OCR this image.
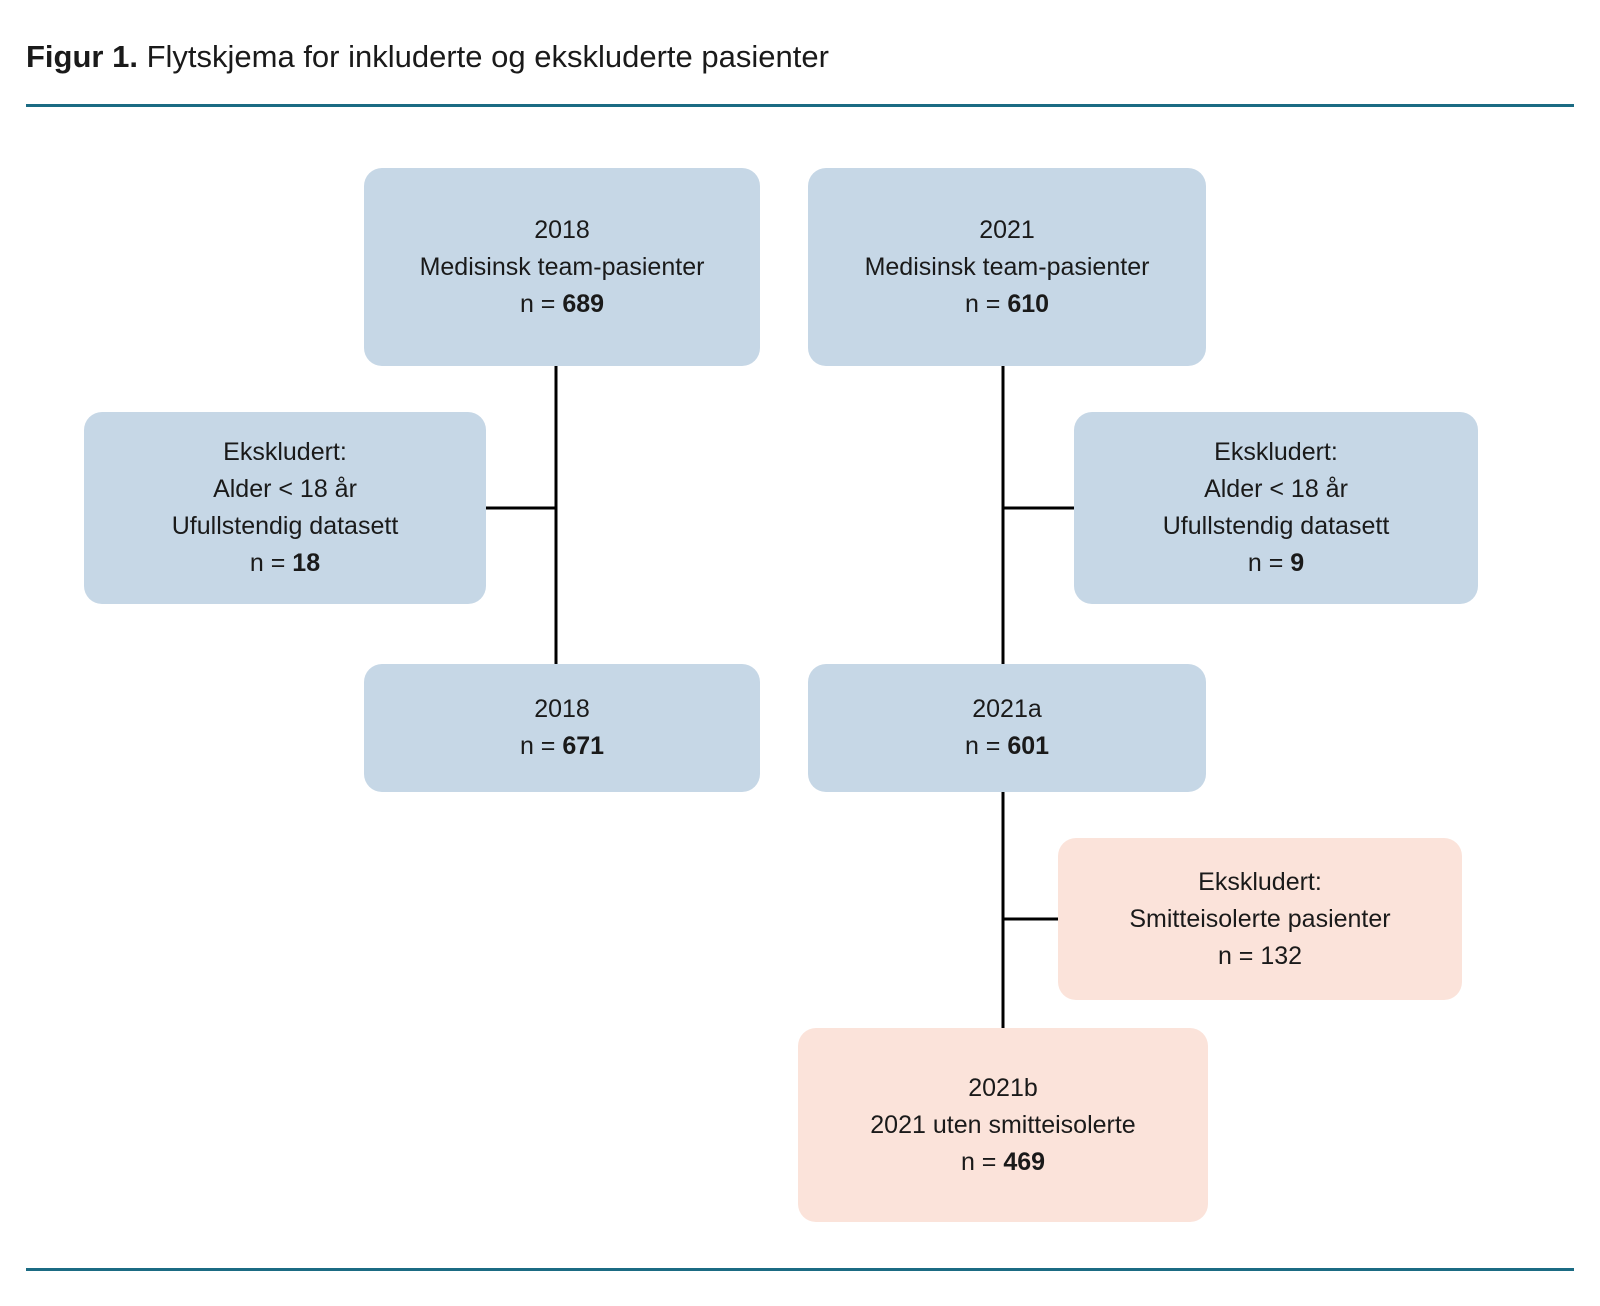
Figur 1. Flytskjema for inkluderte og ekskluderte pasienter
2018
Medisinsk team-pasienter
n = 689
2021
Medisinsk team-pasienter
n = 610
Ekskludert:
Alder < 18 år
Ufullstendig datasett
n = 18
Ekskludert:
Alder < 18 år
Ufullstendig datasett
n = 9
2018
n = 671
2021a
n = 601
Ekskludert:
Smitteisolerte pasienter
n = 132
2021b
2021 uten smitteisolerte
n = 469
